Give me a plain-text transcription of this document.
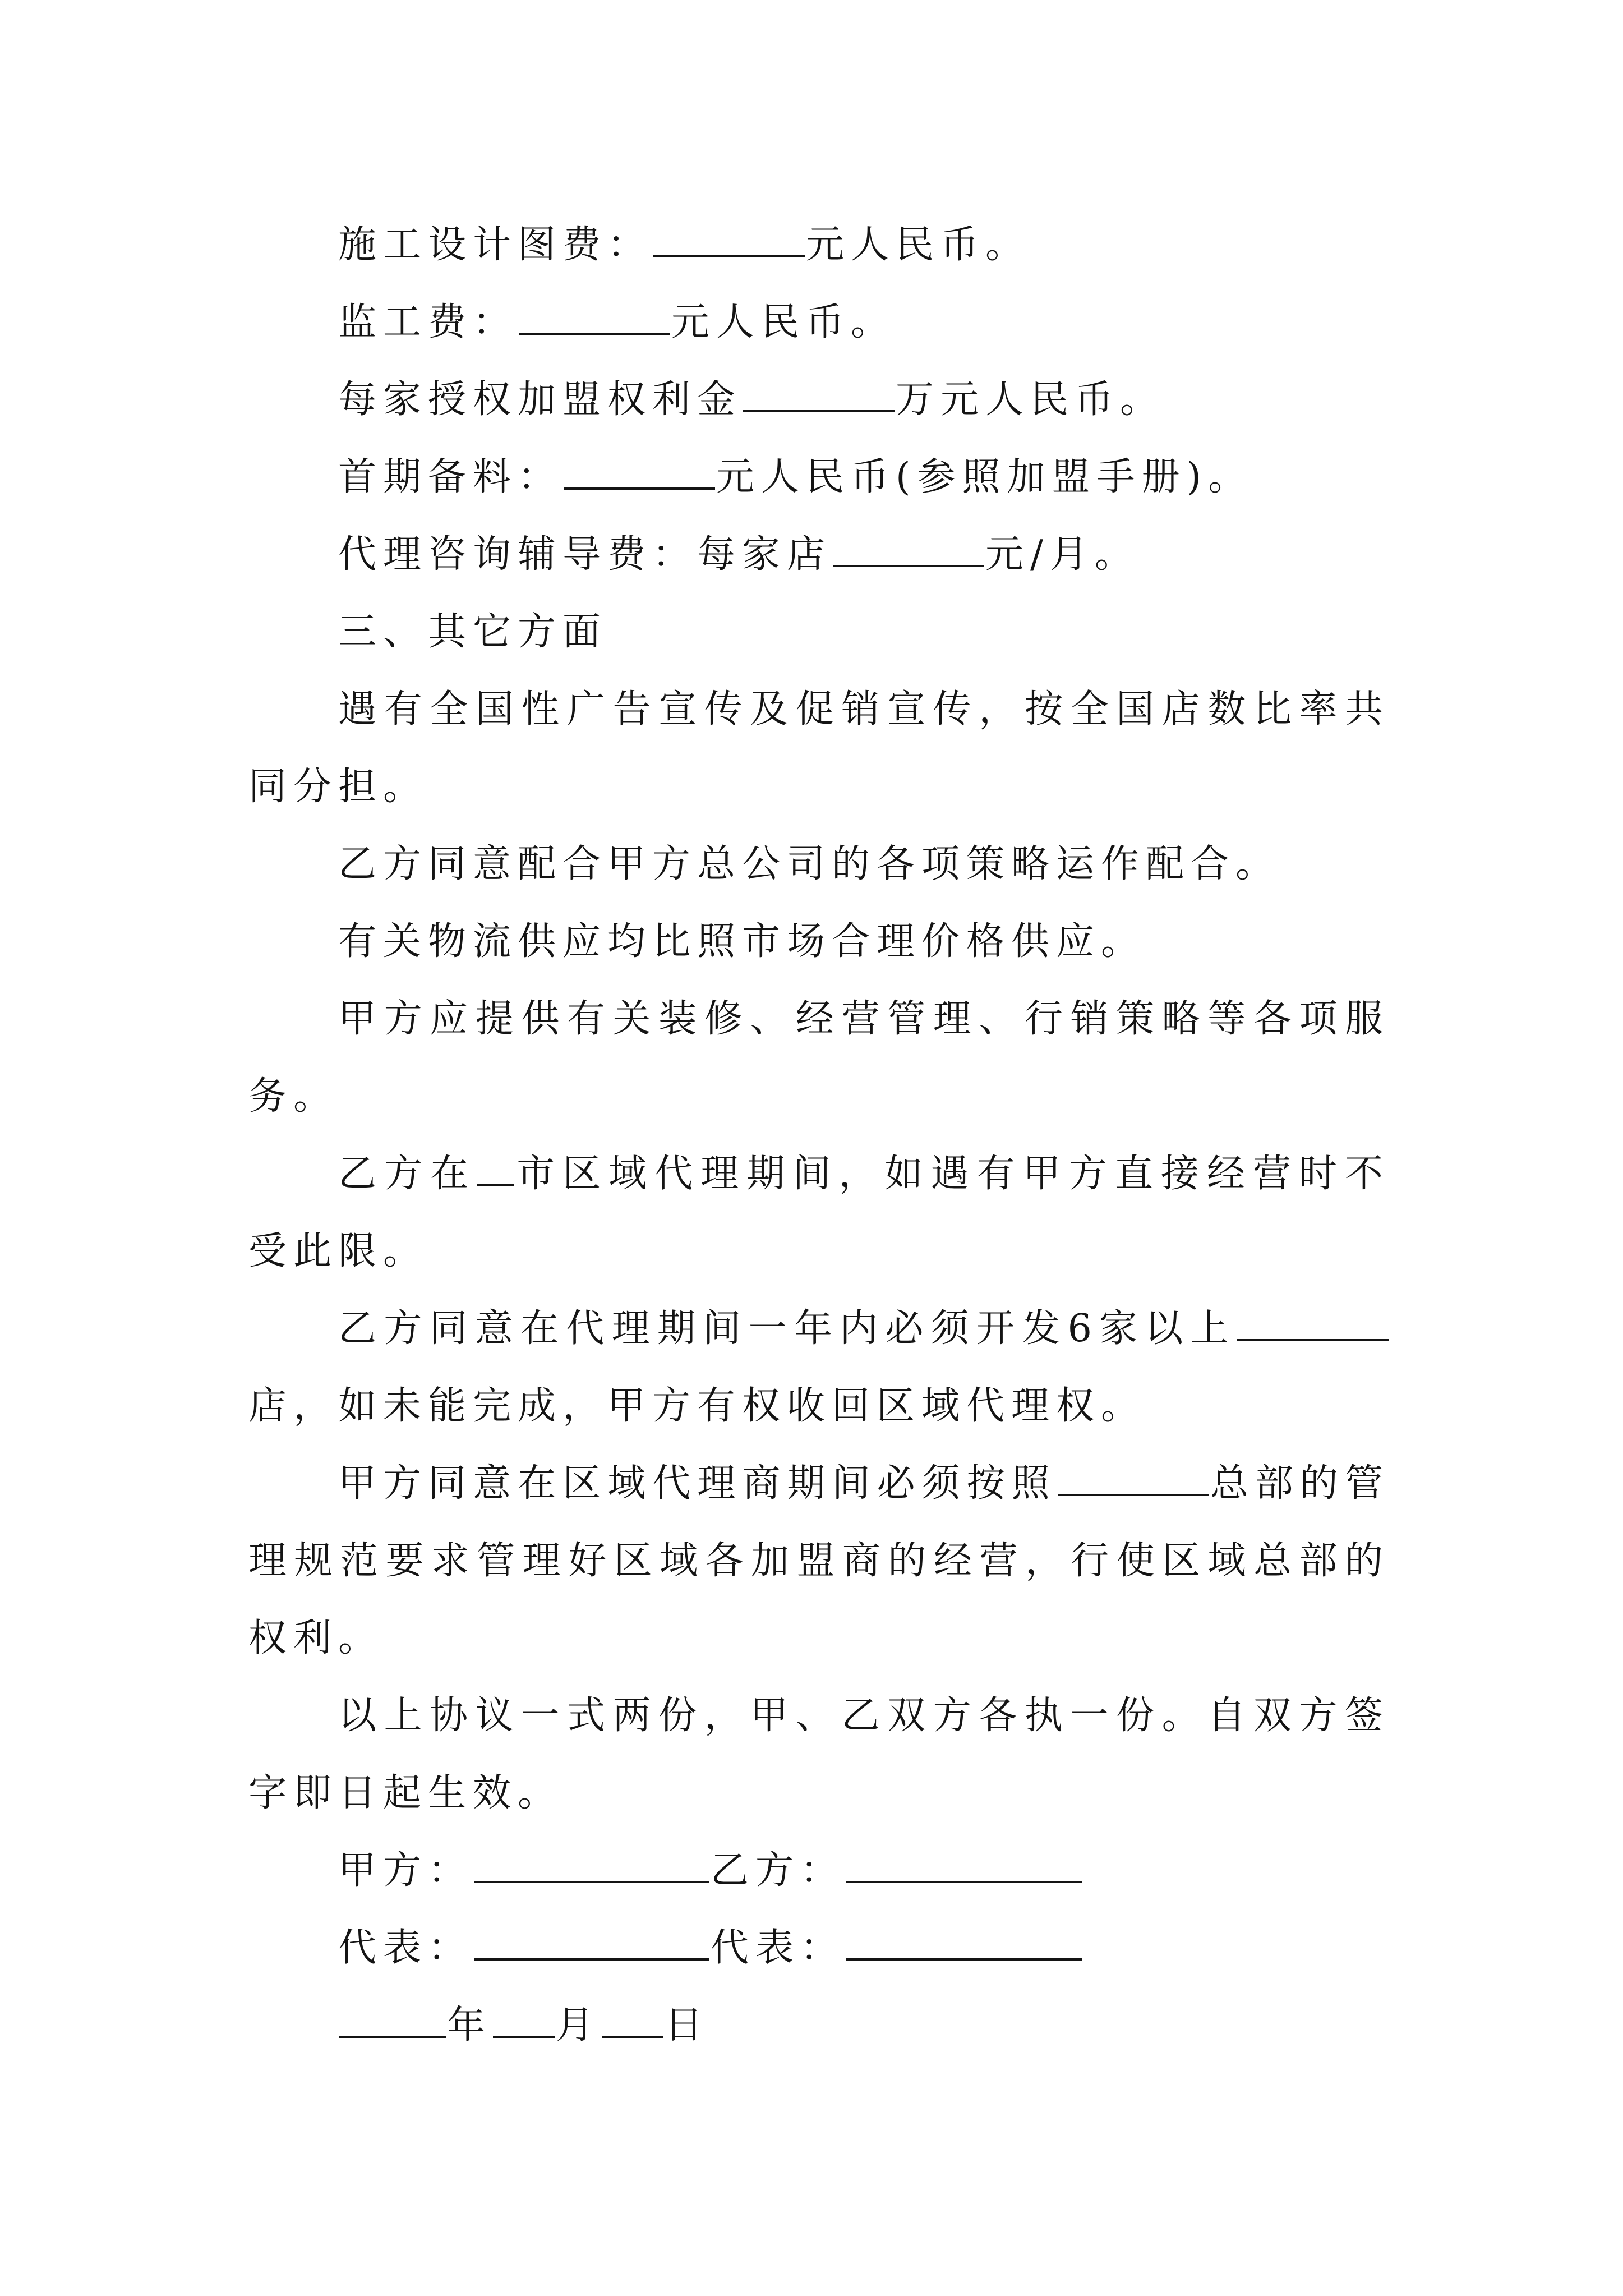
施工设计图费：	元人民币。

监工费：	元人民币。

每家授权加盟权利金	万元人民币。

首期备料：	元人民币(参照加盟手册)。

代理咨询辅导费：每家店	元/月。

三、其它方面

遇有全国性广告宣传及促销宣传，按全国店数比率共同分担。

乙方同意配合甲方总公司的各项策略运作配合。

有关物流供应均比照市场合理价格供应。

甲方应提供有关装修、经营管理、行销策略等各项服务。

乙方在 市区域代理期间，如遇有甲方直接经营时不受此限。

乙方同意在代理期间一年内必须开发6家以上店，如未能完成，甲方有权收回区域代理权。

甲方同意在区域代理商期间必须按照	总部的管理规范要求管理好区域各加盟商的经营，行使区域总部的权利。

以上协议一式两份，甲、乙双方各执一份。自双方签字即日起生效。

甲方：	乙方：

代表：	代表：

年 月 日
